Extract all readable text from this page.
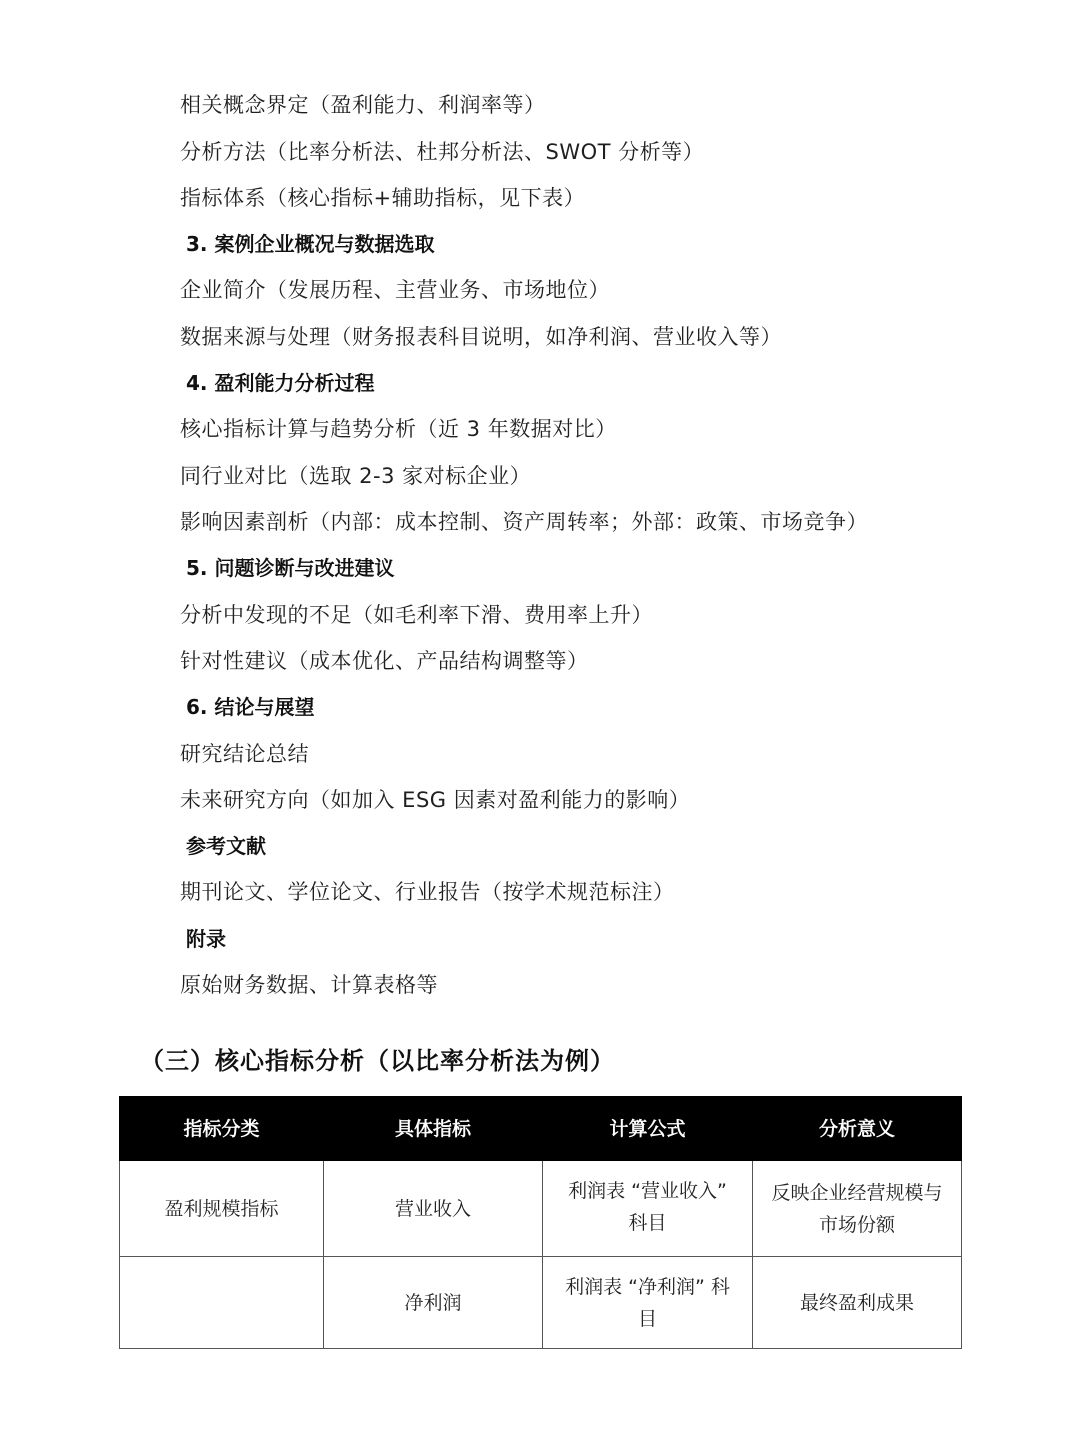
相关概念界定（盈利能力、利润率等）
分析方法（比率分析法、杜邦分析法、SWOT 分析等）
指标体系（核心指标+辅助指标，见下表）
3. 案例企业概况与数据选取
企业简介（发展历程、主营业务、市场地位）
数据来源与处理（财务报表科目说明，如净利润、营业收入等）
4. 盈利能力分析过程
核心指标计算与趋势分析（近 3 年数据对比）
同行业对比（选取 2-3 家对标企业）
影响因素剖析（内部：成本控制、资产周转率；外部：政策、市场竞争）
5. 问题诊断与改进建议
分析中发现的不足（如毛利率下滑、费用率上升）
针对性建议（成本优化、产品结构调整等）
6. 结论与展望
研究结论总结
未来研究方向（如加入 ESG 因素对盈利能力的影响）
参考文献
期刊论文、学位论文、行业报告（按学术规范标注）
附录
原始财务数据、计算表格等
（三）核心指标分析（以比率分析法为例）
指标分类	具体指标	计算公式	分析意义
盈利规模指标	营业收入	利润表 “营业收入” 科目	反映企业经营规模与市场份额
	净利润	利润表 “净利润” 科目	最终盈利成果
